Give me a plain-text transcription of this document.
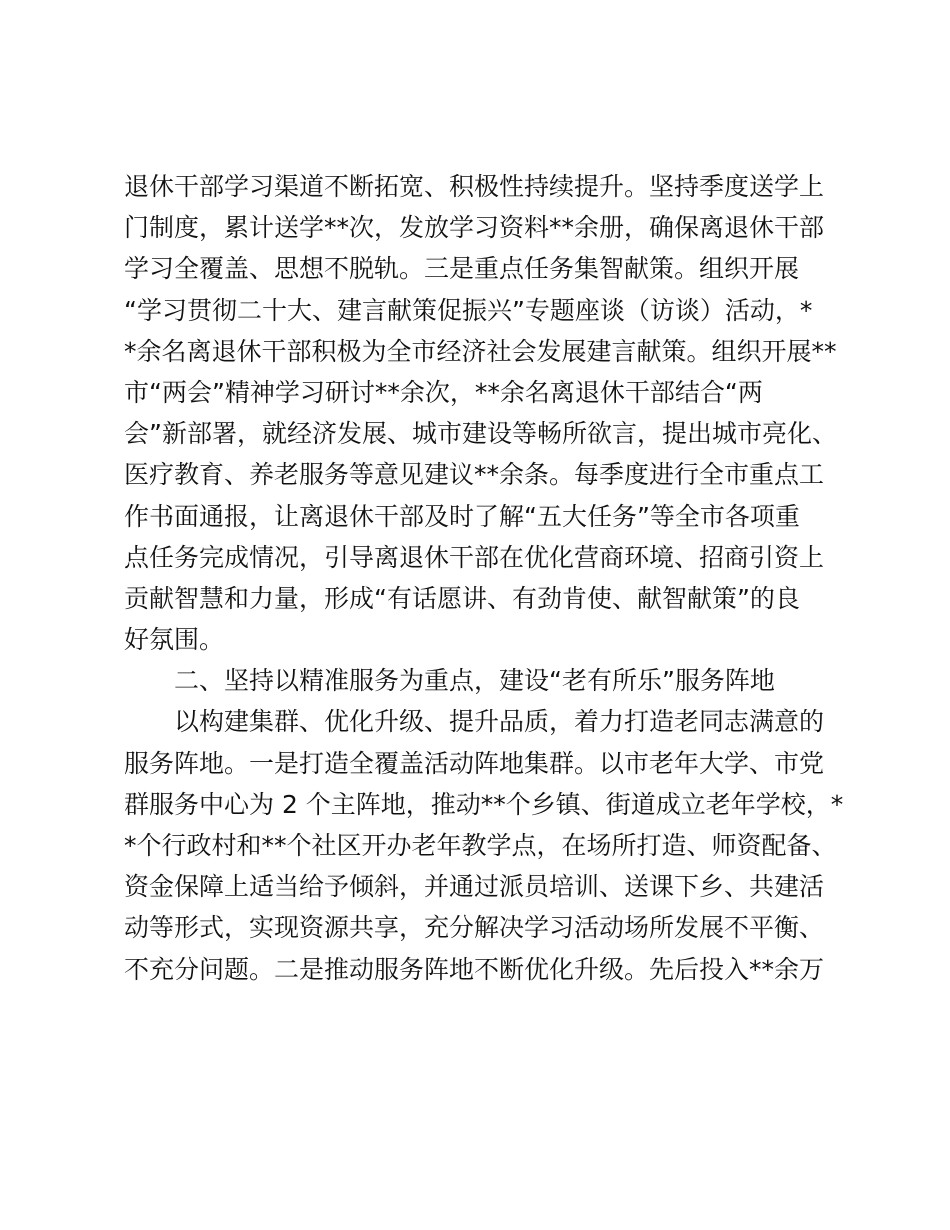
退休干部学习渠道不断拓宽、积极性持续提升。坚持季度送学上
门制度，累计送学**次，发放学习资料**余册，确保离退休干部
学习全覆盖、思想不脱轨。三是重点任务集智献策。组织开展
“学习贯彻二十大、建言献策促振兴”专题座谈（访谈）活动，*
*余名离退休干部积极为全市经济社会发展建言献策。组织开展**
市“两会”精神学习研讨**余次，**余名离退休干部结合“两
会”新部署，就经济发展、城市建设等畅所欲言，提出城市亮化、
医疗教育、养老服务等意见建议**余条。每季度进行全市重点工
作书面通报，让离退休干部及时了解“五大任务”等全市各项重
点任务完成情况，引导离退休干部在优化营商环境、招商引资上
贡献智慧和力量，形成“有话愿讲、有劲肯使、献智献策”的良
好氛围。
二、坚持以精准服务为重点，建设“老有所乐”服务阵地
以构建集群、优化升级、提升品质，着力打造老同志满意的
服务阵地。一是打造全覆盖活动阵地集群。以市老年大学、市党
群服务中心为 2 个主阵地，推动**个乡镇、街道成立老年学校，*
*个行政村和**个社区开办老年教学点，在场所打造、师资配备、
资金保障上适当给予倾斜，并通过派员培训、送课下乡、共建活
动等形式，实现资源共享，充分解决学习活动场所发展不平衡、
不充分问题。二是推动服务阵地不断优化升级。先后投入**余万
